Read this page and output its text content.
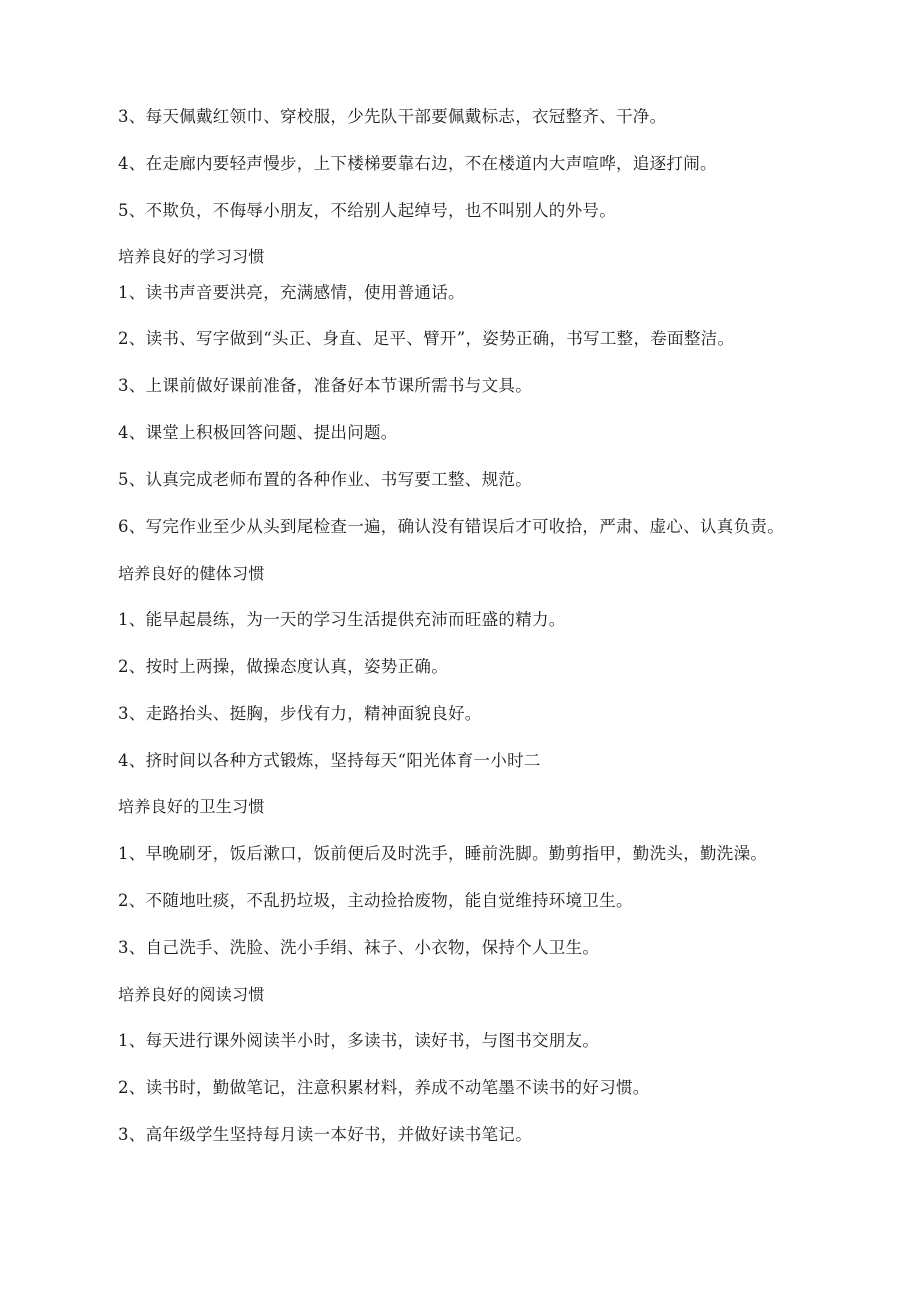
3、每天佩戴红领巾、穿校服，少先队干部要佩戴标志，衣冠整齐、干净。
4、在走廊内要轻声慢步，上下楼梯要靠右边，不在楼道内大声喧哗，追逐打闹。
5、不欺负，不侮辱小朋友，不给别人起绰号，也不叫别人的外号。
培养良好的学习习惯
1、读书声音要洪亮，充满感情，使用普通话。
2、读书、写字做到“头正、身直、足平、臂开”，姿势正确，书写工整，卷面整洁。
3、上课前做好课前准备，准备好本节课所需书与文具。
4、课堂上积极回答问题、提出问题。
5、认真完成老师布置的各种作业、书写要工整、规范。
6、写完作业至少从头到尾检查一遍，确认没有错误后才可收拾，严肃、虚心、认真负责。
培养良好的健体习惯
1、能早起晨练，为一天的学习生活提供充沛而旺盛的精力。
2、按时上两操，做操态度认真，姿势正确。
3、走路抬头、挺胸，步伐有力，精神面貌良好。
4、挤时间以各种方式锻炼，坚持每天“阳光体育一小时二
培养良好的卫生习惯
1、早晚刷牙，饭后漱口，饭前便后及时洗手，睡前洗脚。勤剪指甲，勤洗头，勤洗澡。
2、不随地吐痰，不乱扔垃圾，主动捡拾废物，能自觉维持环境卫生。
3、自己洗手、洗脸、洗小手绢、袜子、小衣物，保持个人卫生。
培养良好的阅读习惯
1、每天进行课外阅读半小时，多读书，读好书，与图书交朋友。
2、读书时，勤做笔记，注意积累材料，养成不动笔墨不读书的好习惯。
3、高年级学生坚持每月读一本好书，并做好读书笔记。
